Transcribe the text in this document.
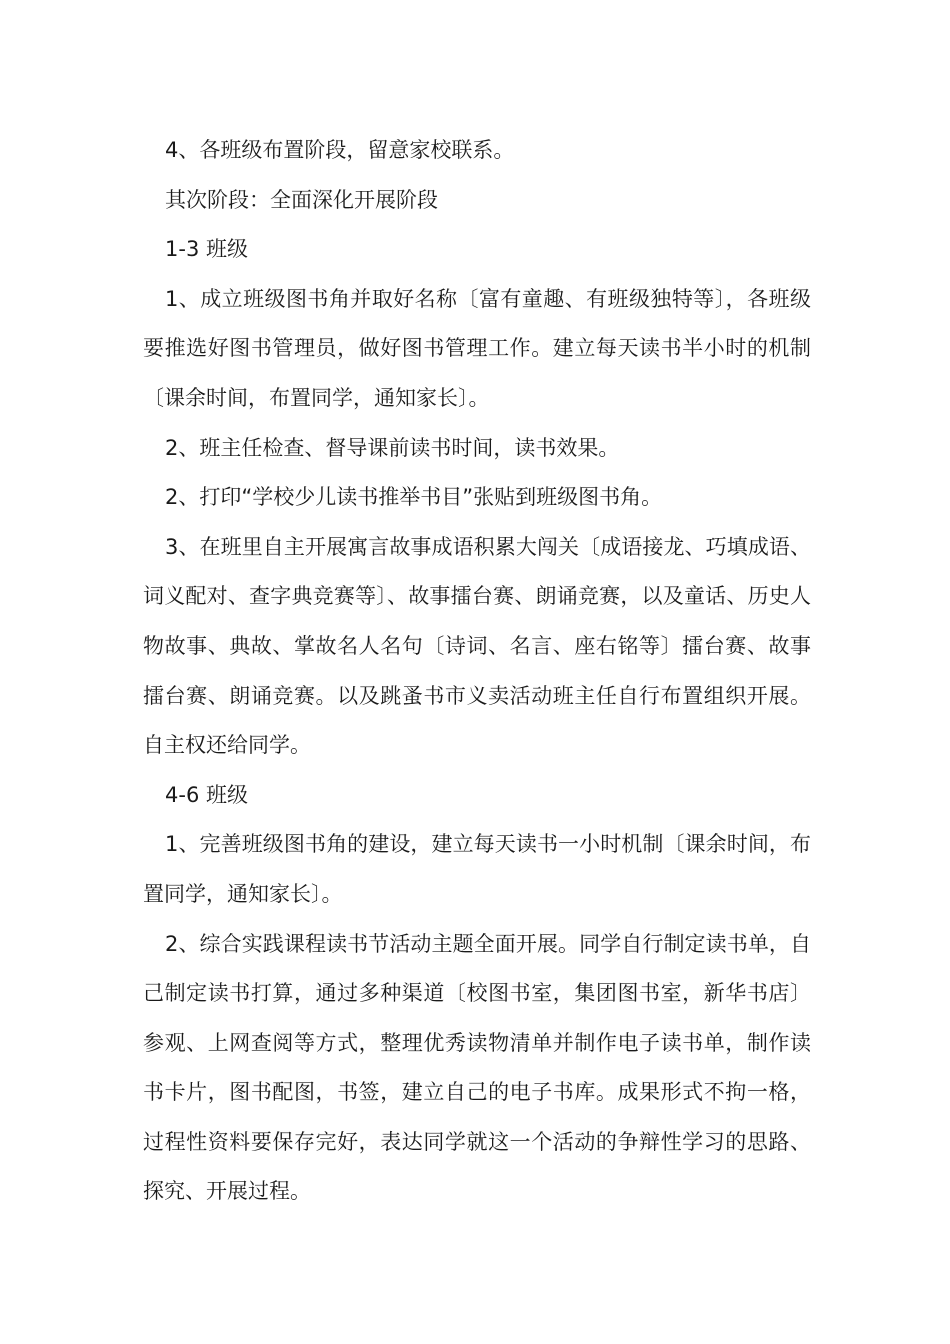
4、各班级布置阶段，留意家校联系。

其次阶段：全面深化开展阶段

1-3 班级

1、成立班级图书角并取好名称〔富有童趣、有班级独特等〕，各班级要推选好图书管理员，做好图书管理工作。建立每天读书半小时的机制〔课余时间，布置同学，通知家长〕。

2、班主任检查、督导课前读书时间，读书效果。

2、打印“学校少儿读书推举书目”张贴到班级图书角。

3、在班里自主开展寓言故事成语积累大闯关〔成语接龙、巧填成语、词义配对、查字典竞赛等〕、故事擂台赛、朗诵竞赛，以及童话、历史人物故事、典故、掌故名人名句〔诗词、名言、座右铭等〕擂台赛、故事擂台赛、朗诵竞赛。以及跳蚤书市义卖活动班主任自行布置组织开展。自主权还给同学。

4-6 班级

1、完善班级图书角的建设，建立每天读书一小时机制〔课余时间，布置同学，通知家长〕。

2、综合实践课程读书节活动主题全面开展。同学自行制定读书单，自己制定读书打算，通过多种渠道〔校图书室，集团图书室，新华书店〕参观、上网查阅等方式，整理优秀读物清单并制作电子读书单，制作读书卡片，图书配图，书签，建立自己的电子书库。成果形式不拘一格，过程性资料要保存完好，表达同学就这一个活动的争辩性学习的思路、探究、开展过程。
